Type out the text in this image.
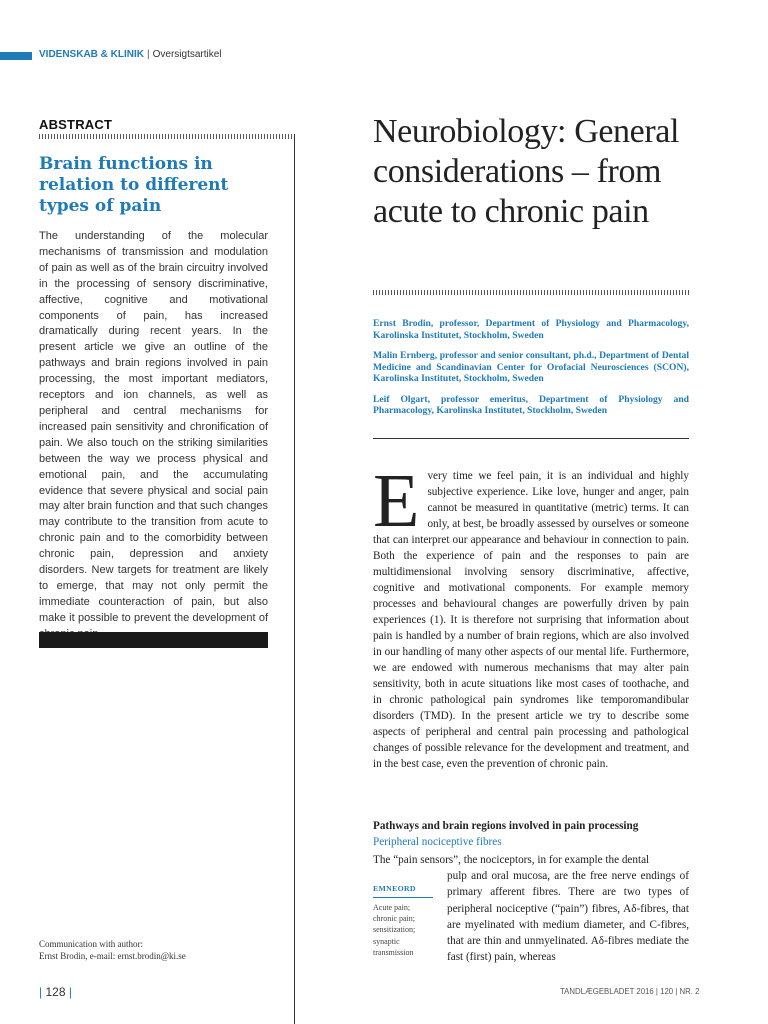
VIDENSKAB & KLINIK | Oversigtsartikel
ABSTRACT
Brain functions in relation to different types of pain
The understanding of the molecular mechanisms of transmission and modulation of pain as well as of the brain circuitry involved in the processing of sensory discriminative, affective, cognitive and motivational components of pain, has increased dramatically during recent years. In the present article we give an outline of the pathways and brain regions involved in pain processing, the most important mediators, receptors and ion channels, as well as peripheral and central mechanisms for increased pain sensitivity and chronification of pain. We also touch on the striking similarities between the way we process physical and emotional pain, and the accumulating evidence that severe physical and social pain may alter brain function and that such changes may contribute to the transition from acute to chronic pain and to the comorbidity between chronic pain, depression and anxiety disorders. New targets for treatment are likely to emerge, that may not only permit the immediate counteraction of pain, but also make it possible to prevent the development of
Communication with author:
Ernst Brodin, e-mail: ernst.brodin@ki.se
Neurobiology: General considerations – from acute to chronic pain
Ernst Brodin, professor, Department of Physiology and Pharmacology, Karolinska Institutet, Stockholm, Sweden
Malin Ernberg, professor and senior consultant, ph.d., Department of Dental Medicine and Scandinavian Center for Orofacial Neurosciences (SCON), Karolinska Institutet, Stockholm, Sweden
Leif Olgart, professor emeritus, Department of Physiology and Pharmacology, Karolinska Institutet, Stockholm, Sweden
Every time we feel pain, it is an individual and highly subjective experience. Like love, hunger and anger, pain cannot be measured in quantitative (metric) terms. It can only, at best, be broadly assessed by ourselves or someone that can interpret our appearance and behaviour in connection to pain. Both the experience of pain and the responses to pain are multidimensional involving sensory discriminative, affective, cognitive and motivational components. For example memory processes and behavioural changes are powerfully driven by pain experiences (1). It is therefore not surprising that information about pain is handled by a number of brain regions, which are also involved in our handling of many other aspects of our mental life. Furthermore, we are endowed with numerous mechanisms that may alter pain sensitivity, both in acute situations like most cases of toothache, and in chronic pathological pain syndromes like temporomandibular disorders (TMD). In the present article we try to describe some aspects of peripheral and central pain processing and pathological changes of possible relevance for the development and treatment, and in the best case, even the prevention of chronic pain.
Pathways and brain regions involved in pain processing
Peripheral nociceptive fibres
The “pain sensors”, the nociceptors, in for example the dental
pulp and oral mucosa, are the free nerve endings of primary afferent fibres. There are two types of peripheral nociceptive (“pain”) fibres, Aδ-fibres, that are myelinated with medium diameter, and C-fibres, that are thin and unmyelinated. Aδ-fibres mediate the fast (first) pain, whereas
EMNEORD
Acute pain;
chronic pain;
sensitization;
synaptic
transmission
| 128 |	TANDLÆGEBLADET 2016 | 120 | NR. 2
